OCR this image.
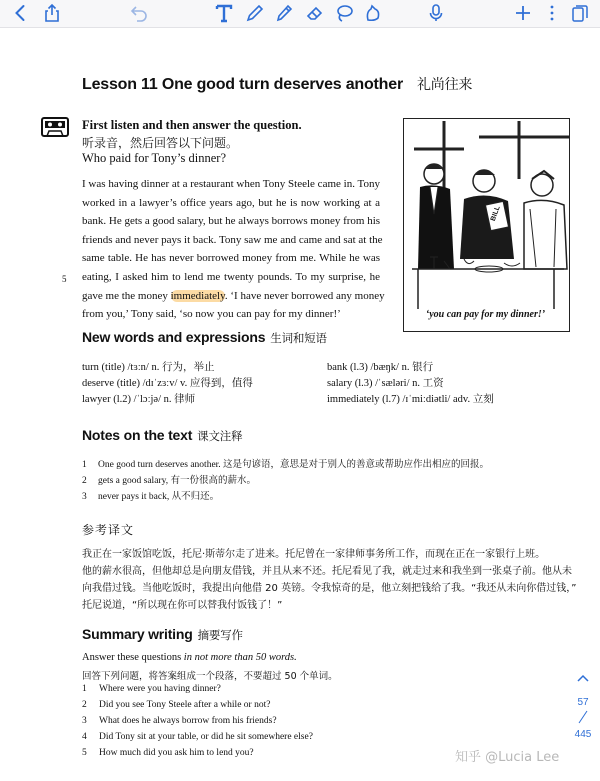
Lesson 11 One good turn deserves another 礼尚往来
First listen and then answer the question.
听录音，然后回答以下问题。
Who paid for Tony’s dinner?
I was having dinner at a restaurant when Tony Steele came in. Tony
worked in a lawyer’s office years ago, but he is now working at a
bank. He gets a good salary, but he always borrows money from his
friends and never pays it back. Tony saw me and came and sat at the
same table. He has never borrowed money from me. While he was
eating, I asked him to lend me twenty pounds. To my surprise, he
gave me the money immediately. ‘I have never borrowed any money
from you,’ Tony said, ‘so now you can pay for my dinner!’
5
BILL
‘you can pay for my dinner!’
New words and expressions 生词和短语
turn (title) /tɜːn/ n. 行为，举止
deserve (title) /dɪˈzɜːv/ v. 应得到，值得
lawyer (l.2) /ˈlɔːjə/ n. 律师
bank (l.3) /bæŋk/ n. 银行
salary (l.3) /ˈsæləri/ n. 工资
immediately (l.7) /ɪˈmiːdiətli/ adv. 立刻
Notes on the text 课文注释
1 One good turn deserves another. 这是句谚语，意思是对于别人的善意或帮助应作出相应的回报。
2 gets a good salary, 有一份很高的薪水。
3 never pays it back, 从不归还。
参考译文
我正在一家饭馆吃饭，托尼·斯蒂尔走了进来。托尼曾在一家律师事务所工作，而现在正在一家银行上班。
他的薪水很高，但他却总是向朋友借钱，并且从来不还。托尼看见了我，就走过来和我坐到一张桌子前。他从未
向我借过钱。当他吃饭时，我提出向他借 20 英镑。令我惊奇的是，他立刻把钱给了我。“我还从未向你借过钱，”
托尼说道，“所以现在你可以替我付饭钱了！”
Summary writing 摘要写作
Answer these questions in not more than 50 words.
回答下列问题，将答案组成一个段落，不要超过 50 个单词。
1 Where were you having dinner?
2 Did you see Tony Steele after a while or not?
3 What does he always borrow from his friends?
4 Did Tony sit at your table, or did he sit somewhere else?
5 How much did you ask him to lend you?
57
445
知乎 @Lucia Lee
